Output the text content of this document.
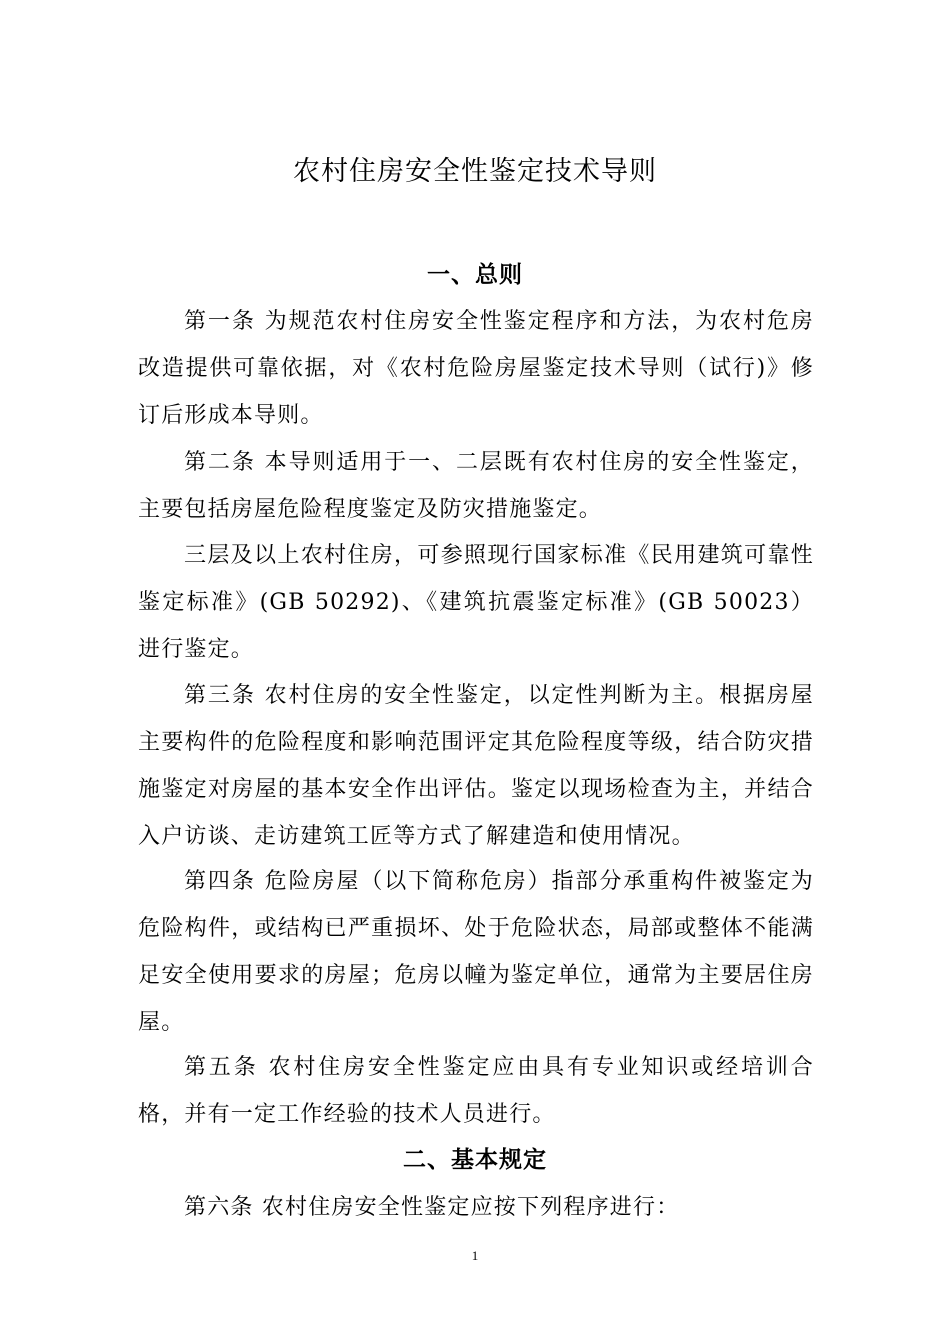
农村住房安全性鉴定技术导则
一、总则

第一条 为规范农村住房安全性鉴定程序和方法，为农村危房改造提供可靠依据，对《农村危险房屋鉴定技术导则（试行)》修订后形成本导则。

第二条 本导则适用于一、二层既有农村住房的安全性鉴定，主要包括房屋危险程度鉴定及防灾措施鉴定。

三层及以上农村住房，可参照现行国家标准《民用建筑可靠性鉴定标准》(GB 50292)、《建筑抗震鉴定标准》(GB 50023）进行鉴定。

第三条 农村住房的安全性鉴定，以定性判断为主。根据房屋主要构件的危险程度和影响范围评定其危险程度等级，结合防灾措施鉴定对房屋的基本安全作出评估。鉴定以现场检查为主，并结合入户访谈、走访建筑工匠等方式了解建造和使用情况。

第四条 危险房屋（以下简称危房）指部分承重构件被鉴定为危险构件，或结构已严重损坏、处于危险状态，局部或整体不能满足安全使用要求的房屋；危房以幢为鉴定单位，通常为主要居住房屋。

第五条 农村住房安全性鉴定应由具有专业知识或经培训合格，并有一定工作经验的技术人员进行。

二、基本规定

第六条 农村住房安全性鉴定应按下列程序进行：

1
